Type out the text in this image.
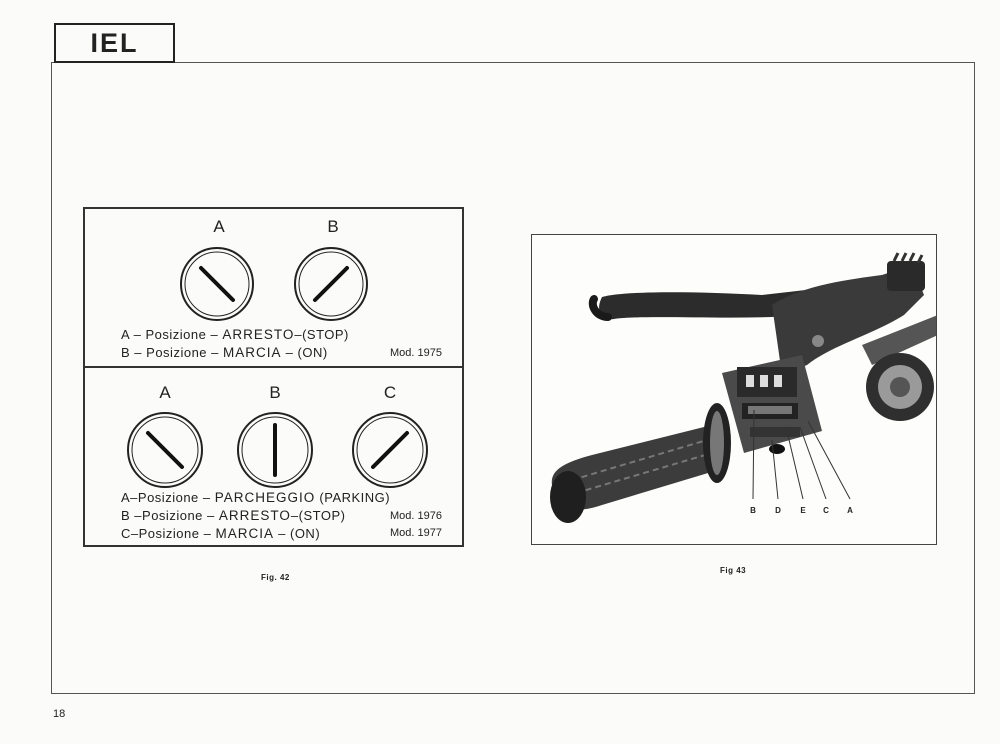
IEL
A	B
A – Posizione – ARRESTO–(STOP)
B – Posizione – MARCIA – (ON)	Mod. 1975
A	B	C
A–Posizione – PARCHEGGIO (PARKING)
B –Posizione – ARRESTO–(STOP)
C–Posizione – MARCIA – (ON)
Mod. 1976
Mod. 1977
Fig. 42
B	D	E	C	A
Fig 43
18
